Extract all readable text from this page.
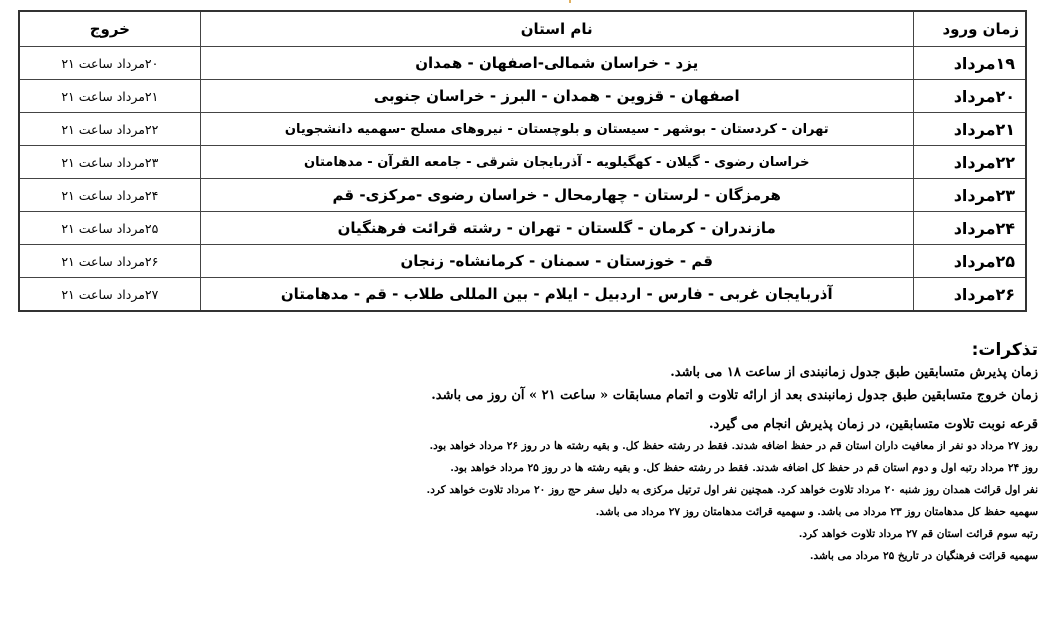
زمان ورود	نام استان	خروج
۱۹مرداد	یزد - خراسان شمالی-اصفهان - همدان	۲۰مرداد ساعت ۲۱
۲۰مرداد	اصفهان - قزوین - همدان - البرز - خراسان جنوبی	۲۱مرداد ساعت ۲۱
۲۱مرداد	تهران - کردستان - بوشهر - سیستان و بلوچستان - نیروهای مسلح -سهمیه دانشجویان	۲۲مرداد ساعت ۲۱
۲۲مرداد	خراسان رضوی - گیلان - کهگیلویه - آذربایجان شرقی - جامعه القرآن - مدهامتان	۲۳مرداد ساعت ۲۱
۲۳مرداد	هرمزگان - لرستان - چهارمحال - خراسان رضوی -مرکزی- قم	۲۴مرداد ساعت ۲۱
۲۴مرداد	مازندران - کرمان - گلستان - تهران - رشته قرائت فرهنگیان	۲۵مرداد ساعت ۲۱
۲۵مرداد	قم - خوزستان - سمنان - کرمانشاه- زنجان	۲۶مرداد ساعت ۲۱
۲۶مرداد	آذربایجان غربی - فارس - اردبیل - ایلام - بین المللی طلاب - قم - مدهامتان	۲۷مرداد ساعت ۲۱

تذکرات:

زمان پذیرش متسابقین طبق جدول زمانبندی از ساعت ۱۸ می باشد.

زمان خروج متسابقین طبق جدول زمانبندی بعد از ارائه تلاوت و اتمام مسابقات « ساعت ۲۱ » آن روز می باشد.

قرعه نوبت تلاوت متسابقین، در زمان پذیرش انجام می گیرد.

روز ۲۷ مرداد دو نفر از معافیت داران استان قم در حفظ اضافه شدند. فقط در رشته حفظ کل. و بقیه رشته ها در روز ۲۶ مرداد خواهد بود.

روز ۲۴ مرداد رتبه اول و دوم استان قم در حفظ کل اضافه شدند. فقط در رشته حفظ کل. و بقیه رشته ها در روز ۲۵ مرداد خواهد بود.

نفر اول قرائت همدان روز شنبه ۲۰ مرداد تلاوت خواهد کرد. همچنین نفر اول ترتیل مرکزی به دلیل سفر حج روز ۲۰ مرداد تلاوت خواهد کرد.

سهمیه حفظ کل مدهامتان روز ۲۳ مرداد می باشد. و سهمیه قرائت مدهامتان روز ۲۷ مرداد می باشد.

رتبه سوم قرائت استان قم ۲۷ مرداد تلاوت خواهد کرد.

سهمیه قرائت فرهنگیان در تاریخ ۲۵ مرداد می باشد.
